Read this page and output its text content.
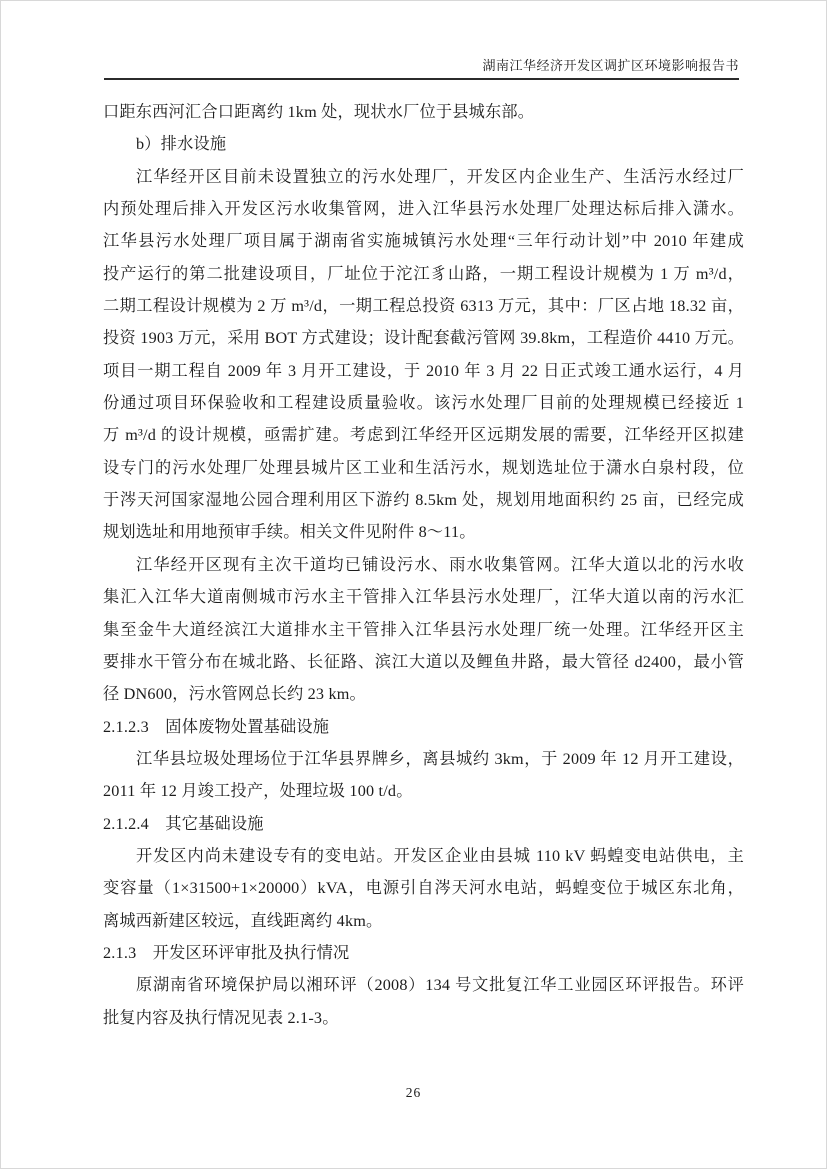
湖南江华经济开发区调扩区环境影响报告书
口距东西河汇合口距离约 1km 处，现状水厂位于县城东部。
b）排水设施
江华经开区目前未设置独立的污水处理厂，开发区内企业生产、生活污水经过厂
内预处理后排入开发区污水收集管网，进入江华县污水处理厂处理达标后排入潇水。
江华县污水处理厂项目属于湖南省实施城镇污水处理“三年行动计划”中 2010 年建成
投产运行的第二批建设项目，厂址位于沱江豸山路，一期工程设计规模为 1 万 m³/d，
二期工程设计规模为 2 万 m³/d，一期工程总投资 6313 万元，其中：厂区占地 18.32 亩，
投资 1903 万元，采用 BOT 方式建设；设计配套截污管网 39.8km，工程造价 4410 万元。
项目一期工程自 2009 年 3 月开工建设，于 2010 年 3 月 22 日正式竣工通水运行，4 月
份通过项目环保验收和工程建设质量验收。该污水处理厂目前的处理规模已经接近 1
万 m³/d 的设计规模，亟需扩建。考虑到江华经开区远期发展的需要，江华经开区拟建
设专门的污水处理厂处理县城片区工业和生活污水，规划选址位于潇水白泉村段，位
于涔天河国家湿地公园合理利用区下游约 8.5km 处，规划用地面积约 25 亩，已经完成
规划选址和用地预审手续。相关文件见附件 8～11。
江华经开区现有主次干道均已铺设污水、雨水收集管网。江华大道以北的污水收
集汇入江华大道南侧城市污水主干管排入江华县污水处理厂，江华大道以南的污水汇
集至金牛大道经滨江大道排水主干管排入江华县污水处理厂统一处理。江华经开区主
要排水干管分布在城北路、长征路、滨江大道以及鲤鱼井路，最大管径 d2400，最小管
径 DN600，污水管网总长约 23 km。
2.1.2.3　固体废物处置基础设施
江华县垃圾处理场位于江华县界牌乡，离县城约 3km，于 2009 年 12 月开工建设，
2011 年 12 月竣工投产，处理垃圾 100 t/d。
2.1.2.4　其它基础设施
开发区内尚未建设专有的变电站。开发区企业由县城 110 kV 蚂蝗变电站供电，主
变容量（1×31500+1×20000）kVA，电源引自涔天河水电站，蚂蝗变位于城区东北角，
离城西新建区较远，直线距离约 4km。
2.1.3　开发区环评审批及执行情况
原湖南省环境保护局以湘环评（2008）134 号文批复江华工业园区环评报告。环评
批复内容及执行情况见表 2.1-3。
26
